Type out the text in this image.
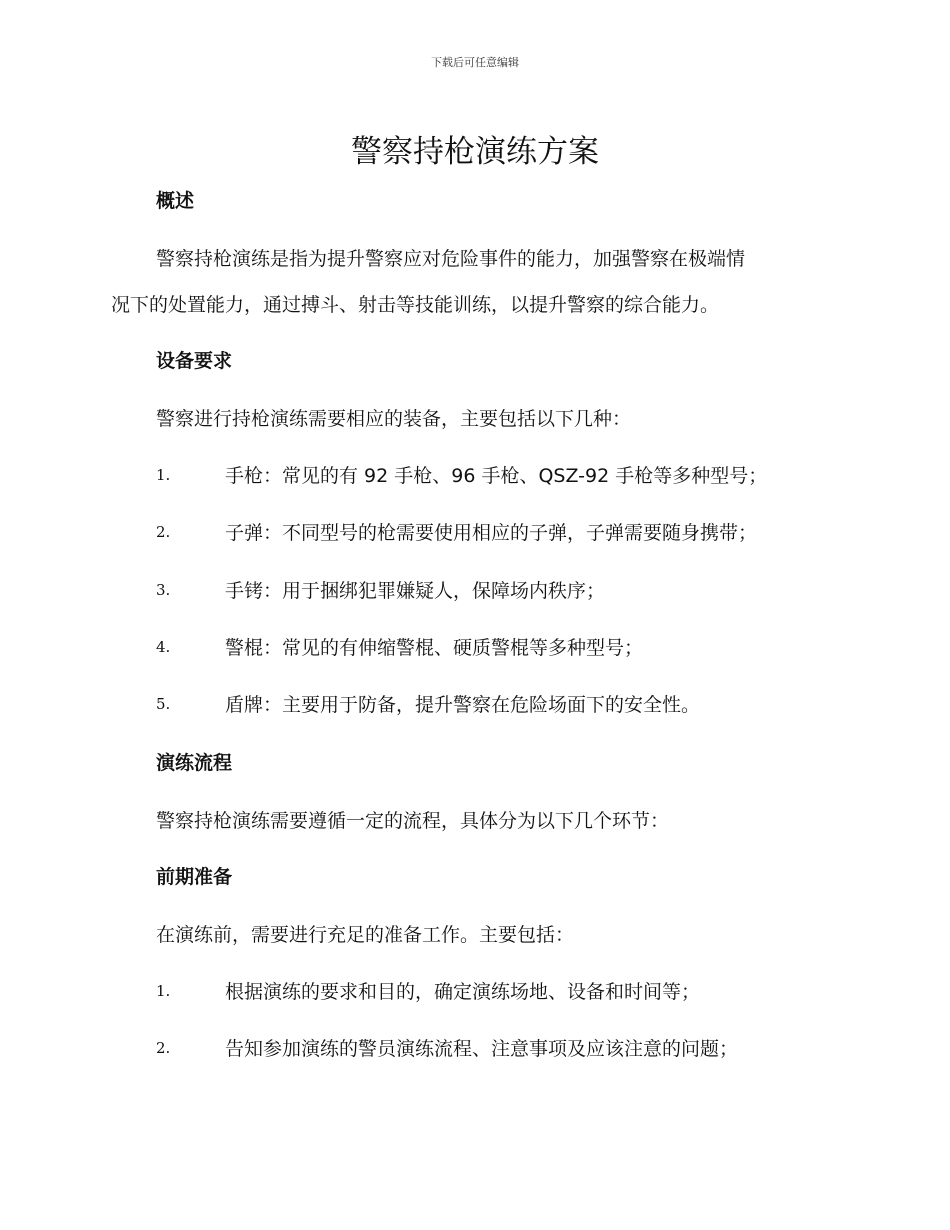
下载后可任意编辑
警察持枪演练方案
概述

警察持枪演练是指为提升警察应对危险事件的能力，加强警察在极端情

况下的处置能力，通过搏斗、射击等技能训练，以提升警察的综合能力。

设备要求

警察进行持枪演练需要相应的装备，主要包括以下几种：

1.	手枪：常见的有 92 手枪、96 手枪、QSZ-92 手枪等多种型号；
2.	子弹：不同型号的枪需要使用相应的子弹，子弹需要随身携带；
3.	手铐：用于捆绑犯罪嫌疑人，保障场内秩序；
4.	警棍：常见的有伸缩警棍、硬质警棍等多种型号；
5.	盾牌：主要用于防备，提升警察在危险场面下的安全性。
演练流程

警察持枪演练需要遵循一定的流程，具体分为以下几个环节：

前期准备

在演练前，需要进行充足的准备工作。主要包括：

1.	根据演练的要求和目的，确定演练场地、设备和时间等；
2.	告知参加演练的警员演练流程、注意事项及应该注意的问题；
